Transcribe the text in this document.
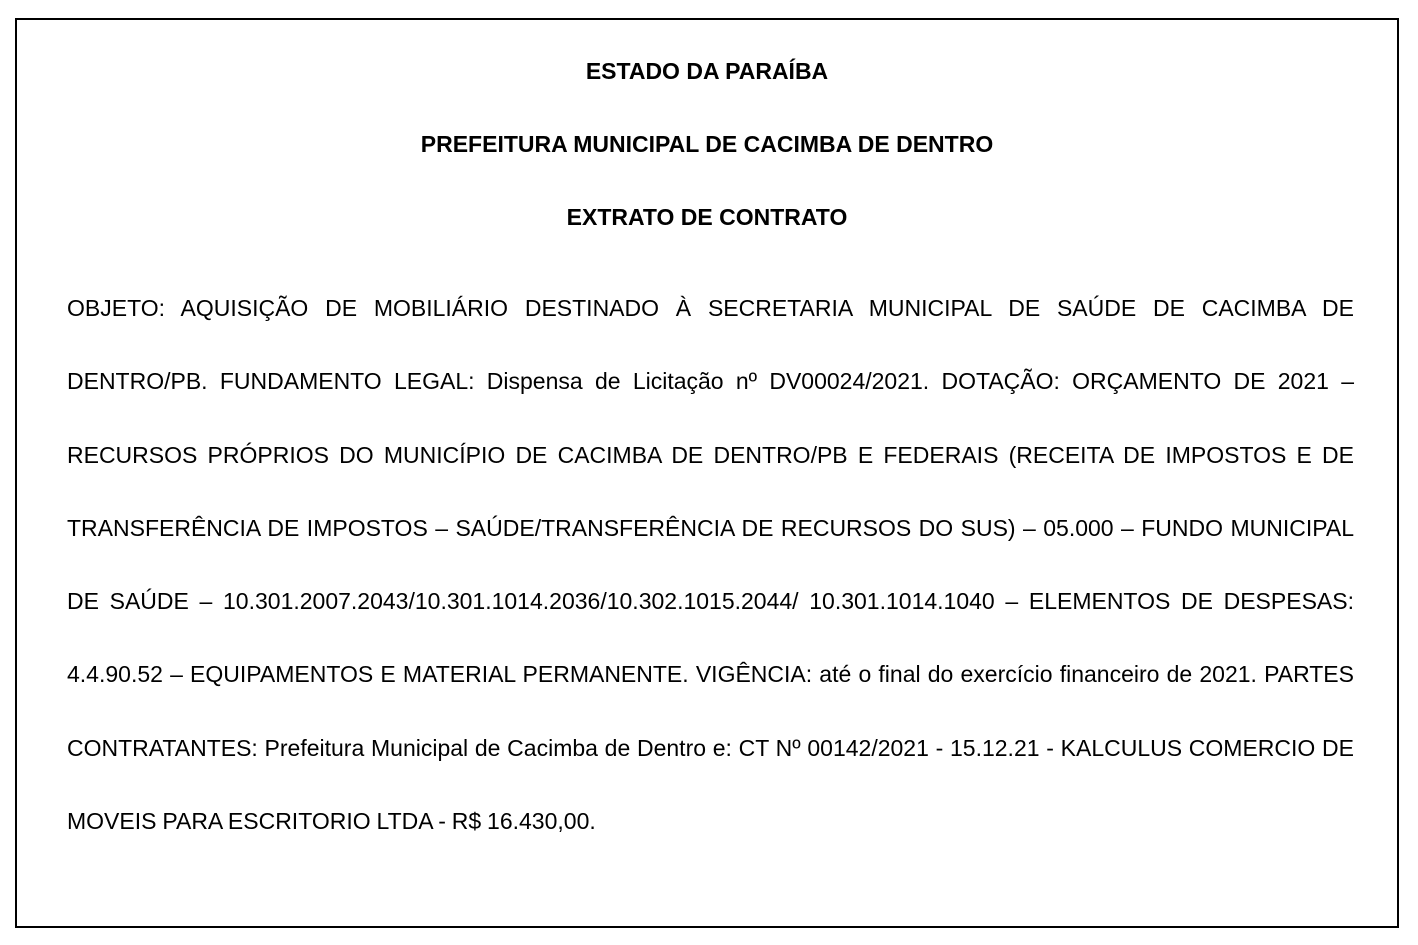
ESTADO DA PARAÍBA

PREFEITURA MUNICIPAL DE CACIMBA DE DENTRO

EXTRATO DE CONTRATO

OBJETO: AQUISIÇÃO DE MOBILIÁRIO DESTINADO À SECRETARIA MUNICIPAL DE SAÚDE DE CACIMBA DE DENTRO/PB. FUNDAMENTO LEGAL: Dispensa de Licitação nº DV00024/2021. DOTAÇÃO: ORÇAMENTO DE 2021 – RECURSOS PRÓPRIOS DO MUNICÍPIO DE CACIMBA DE DENTRO/PB E FEDERAIS (RECEITA DE IMPOSTOS E DE TRANSFERÊNCIA DE IMPOSTOS – SAÚDE/TRANSFERÊNCIA DE RECURSOS DO SUS) – 05.000 – FUNDO MUNICIPAL DE SAÚDE – 10.301.2007.2043/10.301.1014.2036/10.302.1015.2044/ 10.301.1014.1040 – ELEMENTOS DE DESPESAS: 4.4.90.52 – EQUIPAMENTOS E MATERIAL PERMANENTE. VIGÊNCIA: até o final do exercício financeiro de 2021. PARTES CONTRATANTES: Prefeitura Municipal de Cacimba de Dentro e: CT Nº 00142/2021 - 15.12.21 - KALCULUS COMERCIO DE MOVEIS PARA ESCRITORIO LTDA - R$ 16.430,00.
